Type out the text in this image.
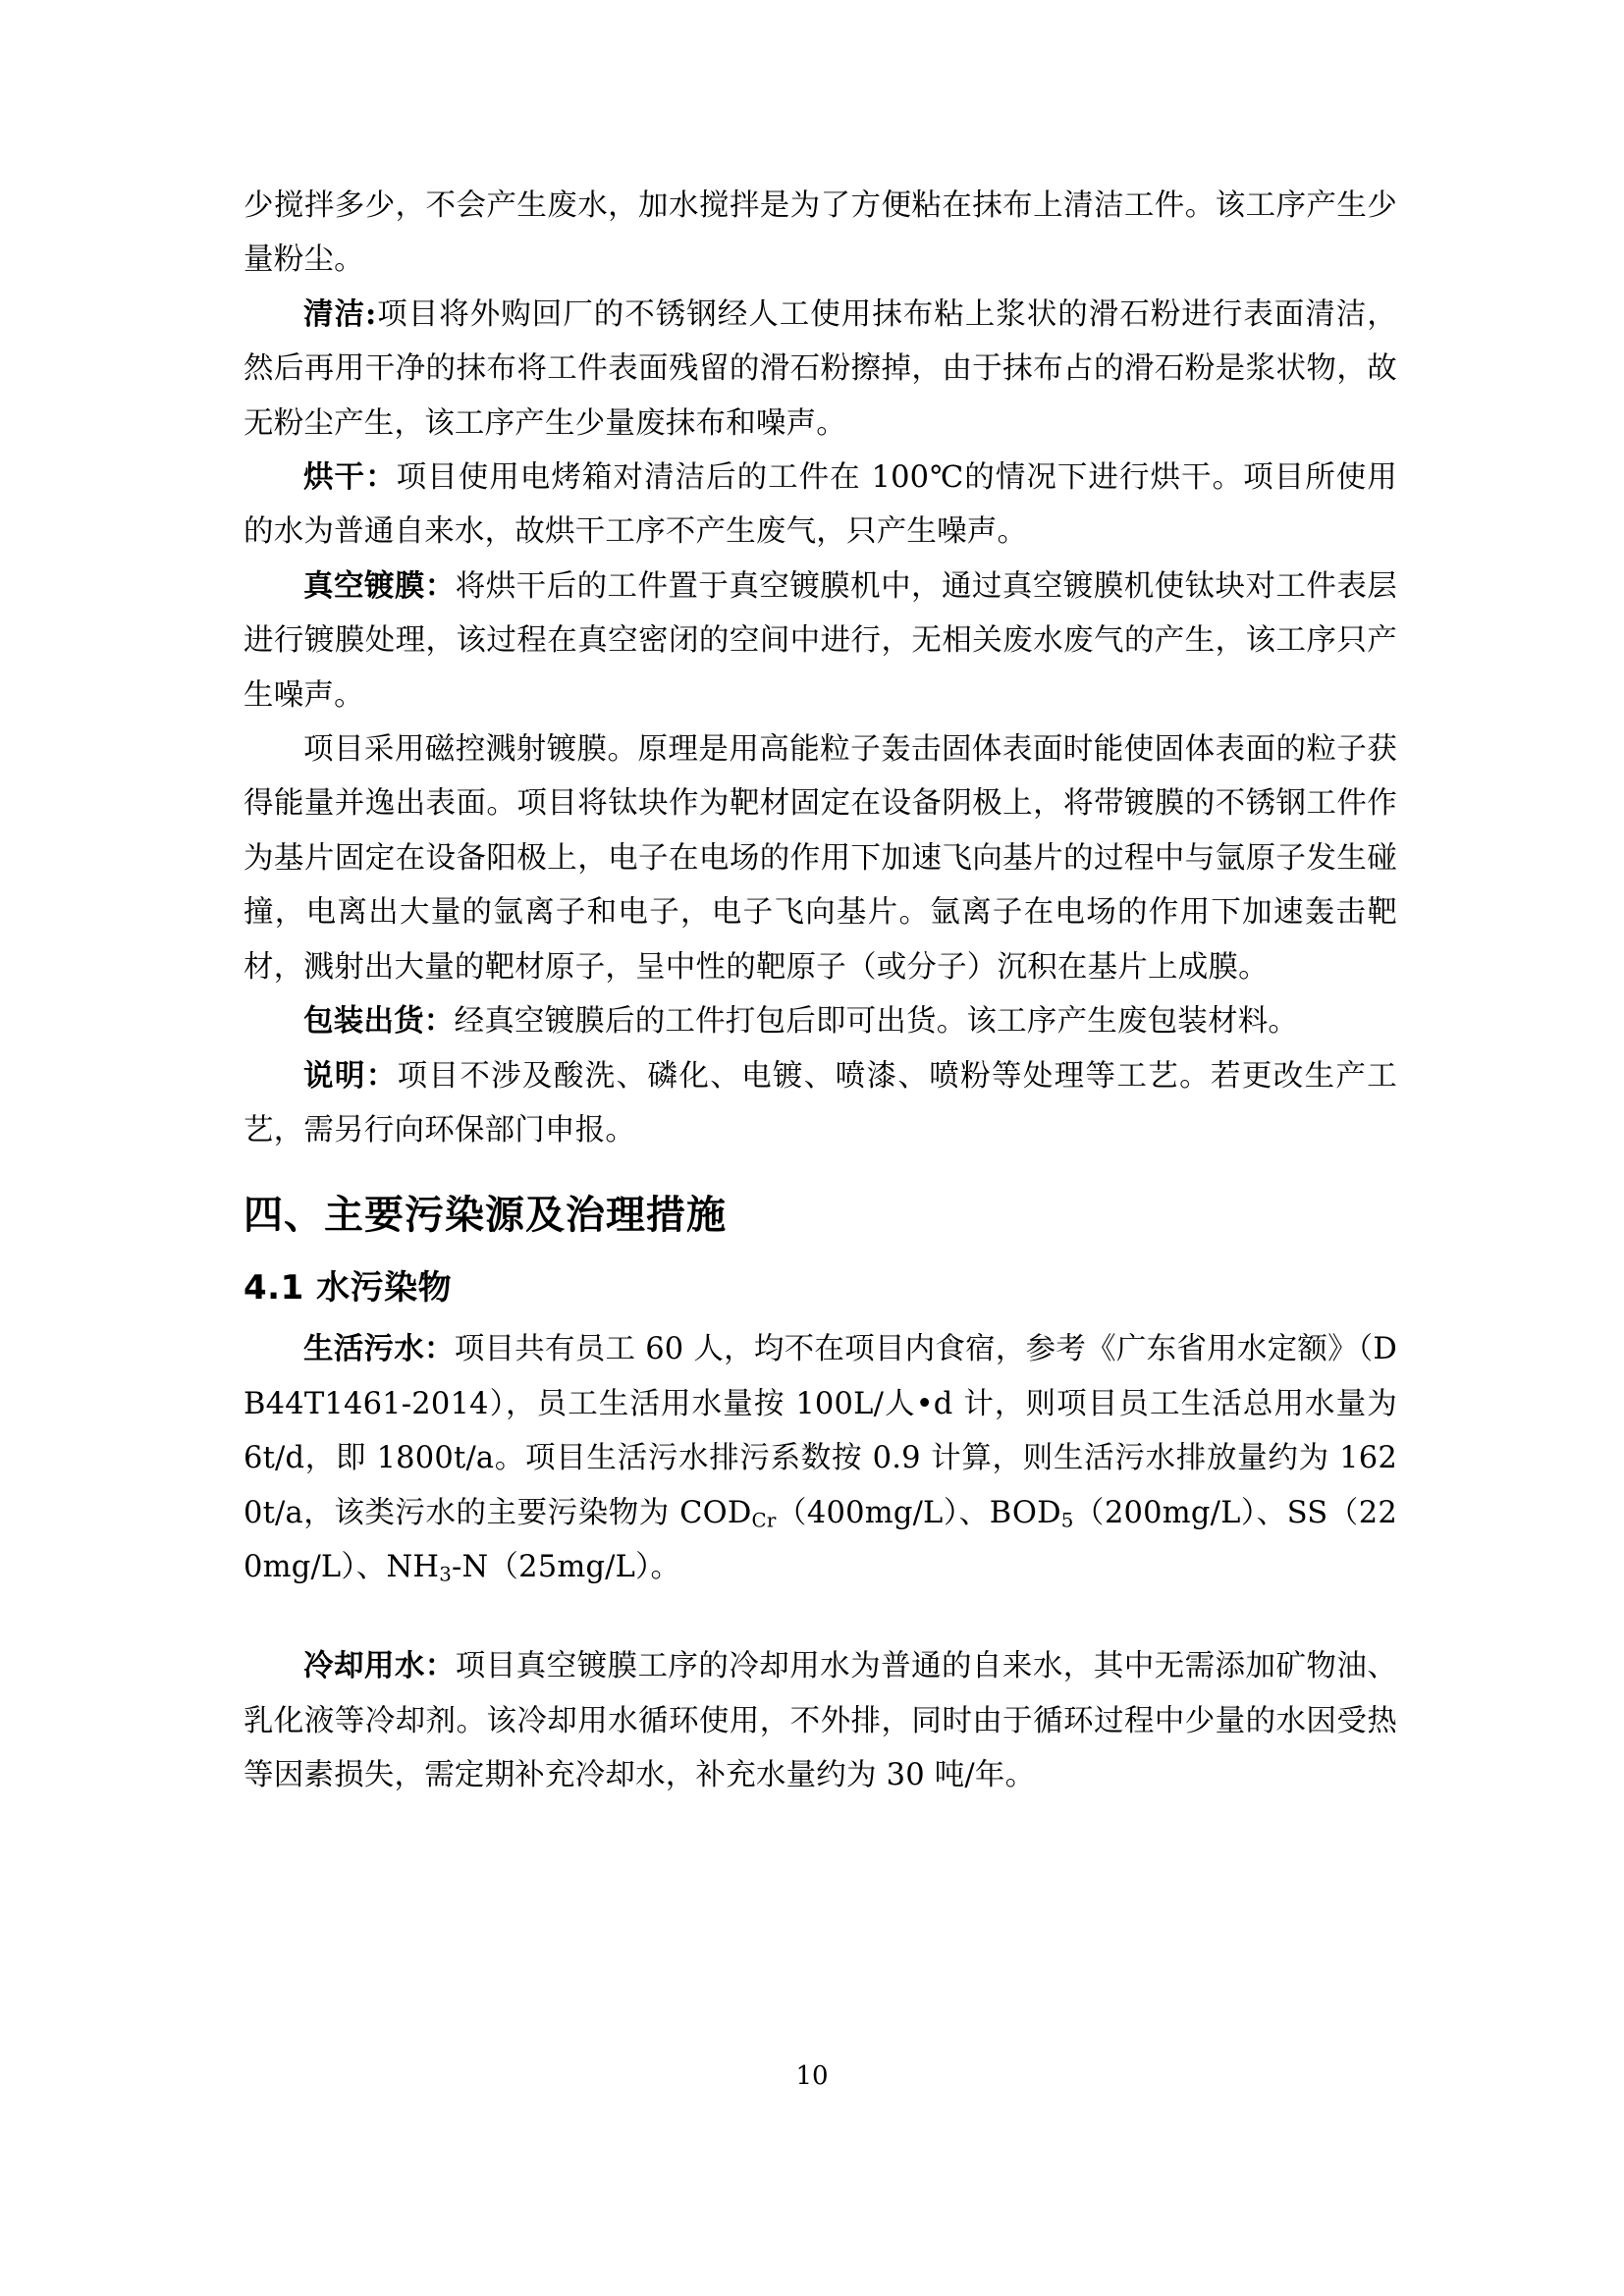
少搅拌多少，不会产生废水，加水搅拌是为了方便粘在抹布上清洁工件。该工序产生少量粉尘。

清洁:项目将外购回厂的不锈钢经人工使用抹布粘上浆状的滑石粉进行表面清洁，然后再用干净的抹布将工件表面残留的滑石粉擦掉，由于抹布占的滑石粉是浆状物，故无粉尘产生，该工序产生少量废抹布和噪声。

烘干：项目使用电烤箱对清洁后的工件在 100℃的情况下进行烘干。项目所使用的水为普通自来水，故烘干工序不产生废气，只产生噪声。

真空镀膜：将烘干后的工件置于真空镀膜机中，通过真空镀膜机使钛块对工件表层进行镀膜处理，该过程在真空密闭的空间中进行，无相关废水废气的产生，该工序只产生噪声。

项目采用磁控溅射镀膜。原理是用高能粒子轰击固体表面时能使固体表面的粒子获得能量并逸出表面。项目将钛块作为靶材固定在设备阴极上，将带镀膜的不锈钢工件作为基片固定在设备阳极上，电子在电场的作用下加速飞向基片的过程中与氩原子发生碰撞，电离出大量的氩离子和电子，电子飞向基片。氩离子在电场的作用下加速轰击靶材，溅射出大量的靶材原子，呈中性的靶原子（或分子）沉积在基片上成膜。

包装出货：经真空镀膜后的工件打包后即可出货。该工序产生废包装材料。

说明：项目不涉及酸洗、磷化、电镀、喷漆、喷粉等处理等工艺。若更改生产工艺，需另行向环保部门申报。

四、主要污染源及治理措施
4.1 水污染物

生活污水：项目共有员工 60 人，均不在项目内食宿，参考《广东省用水定额》（DB44T1461-2014），员工生活用水量按 100L/人•d 计，则项目员工生活总用水量为 6t/d，即 1800t/a。项目生活污水排污系数按 0.9 计算，则生活污水排放量约为 1620t/a，该类污水的主要污染物为 $COD_{Cr}(400mg/L)$、$BOD_5(200mg/L)$、SS（220mg/L）、$NH_3-N(25mg/L)$。

冷却用水：项目真空镀膜工序的冷却用水为普通的自来水，其中无需添加矿物油、乳化液等冷却剂。该冷却用水循环使用，不外排，同时由于循环过程中少量的水因受热等因素损失，需定期补充冷却水，补充水量约为 30 吨/年。

10
